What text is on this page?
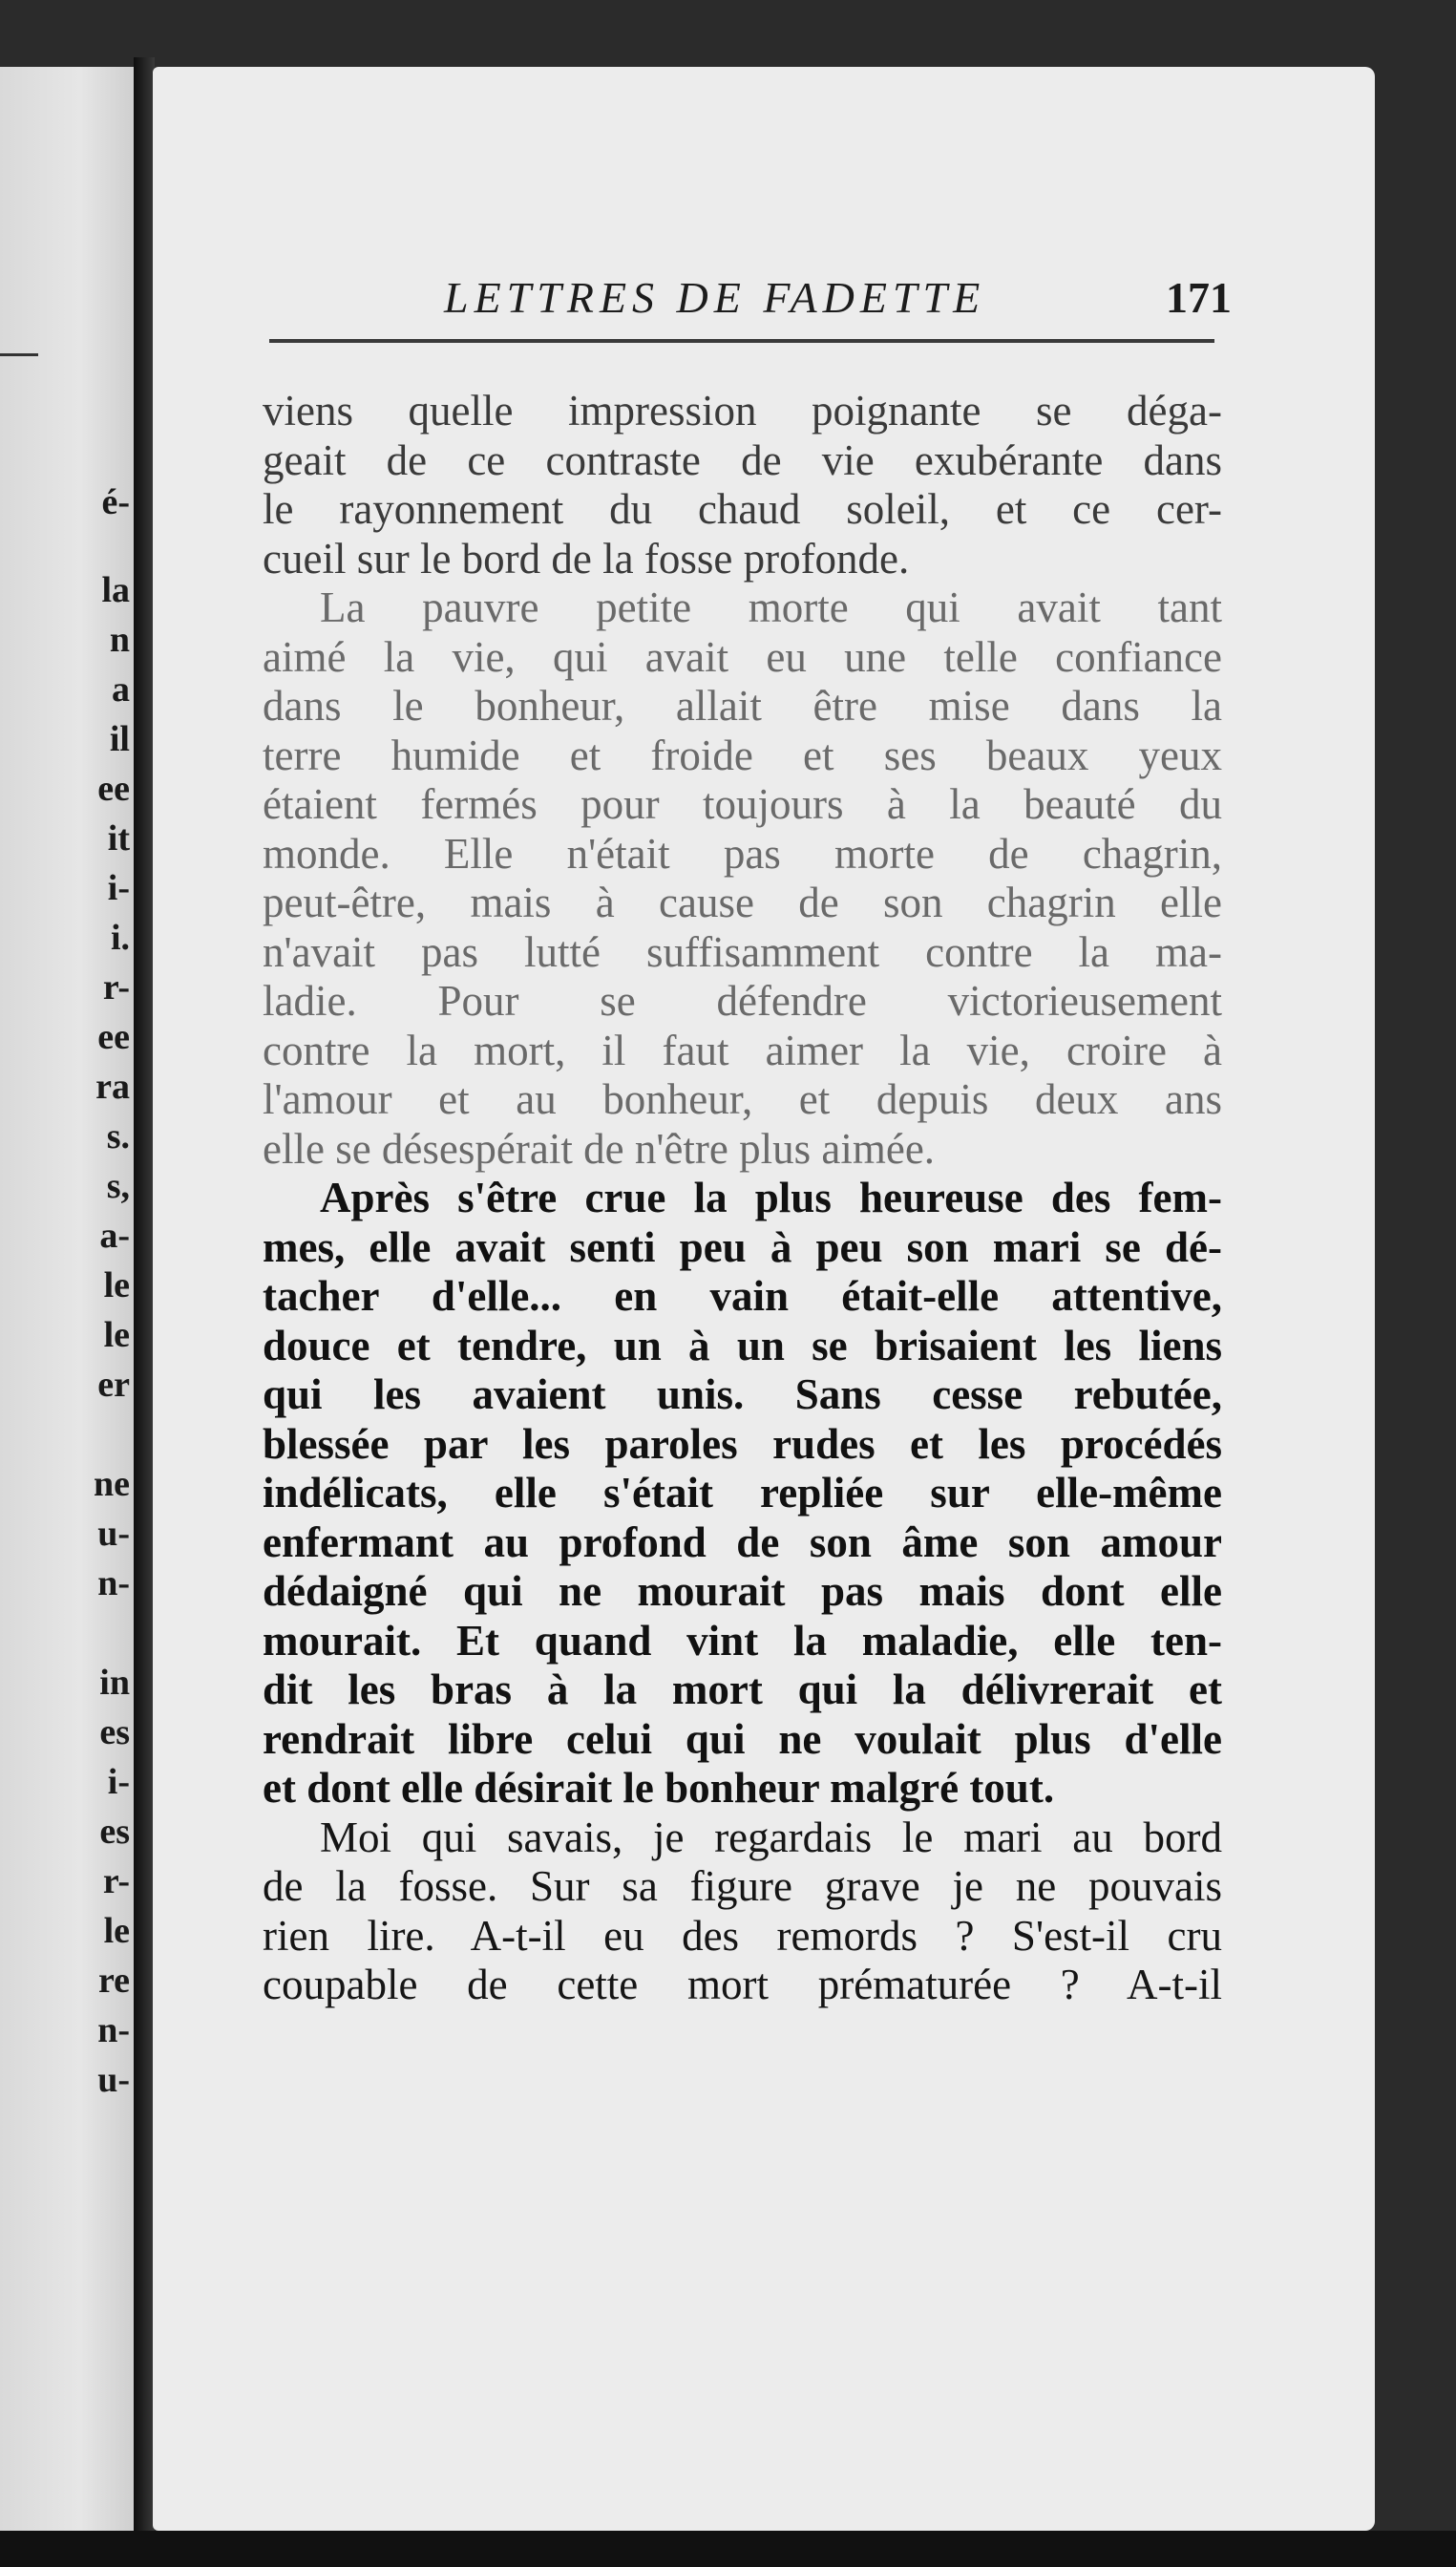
é-
la
n
a
il
ee
it
i-
i.
r-
ee
ra
s.
s,
a-
le
le
er
ne
u-
n-
in
es
i-
es
r-
le
re
n-
u-
LETTRES DE FADETTE	171
viens quelle impression poignante se déga-
geait de ce contraste de vie exubérante dans
le rayonnement du chaud soleil, et ce cer-
cueil sur le bord de la fosse profonde.
La pauvre petite morte qui avait tant
aimé la vie, qui avait eu une telle confiance
dans le bonheur, allait être mise dans la
terre humide et froide et ses beaux yeux
étaient fermés pour toujours à la beauté du
monde. Elle n'était pas morte de chagrin,
peut-être, mais à cause de son chagrin elle
n'avait pas lutté suffisamment contre la ma-
ladie. Pour se défendre victorieusement
contre la mort, il faut aimer la vie, croire à
l'amour et au bonheur, et depuis deux ans
elle se désespérait de n'être plus aimée.
Après s'être crue la plus heureuse des fem-
mes, elle avait senti peu à peu son mari se dé-
tacher d'elle... en vain était-elle attentive,
douce et tendre, un à un se brisaient les liens
qui les avaient unis. Sans cesse rebutée,
blessée par les paroles rudes et les procédés
indélicats, elle s'était repliée sur elle-même
enfermant au profond de son âme son amour
dédaigné qui ne mourait pas mais dont elle
mourait. Et quand vint la maladie, elle ten-
dit les bras à la mort qui la délivrerait et
rendrait libre celui qui ne voulait plus d'elle
et dont elle désirait le bonheur malgré tout.
Moi qui savais, je regardais le mari au bord
de la fosse. Sur sa figure grave je ne pouvais
rien lire. A-t-il eu des remords ? S'est-il cru
coupable de cette mort prématurée ? A-t-il
